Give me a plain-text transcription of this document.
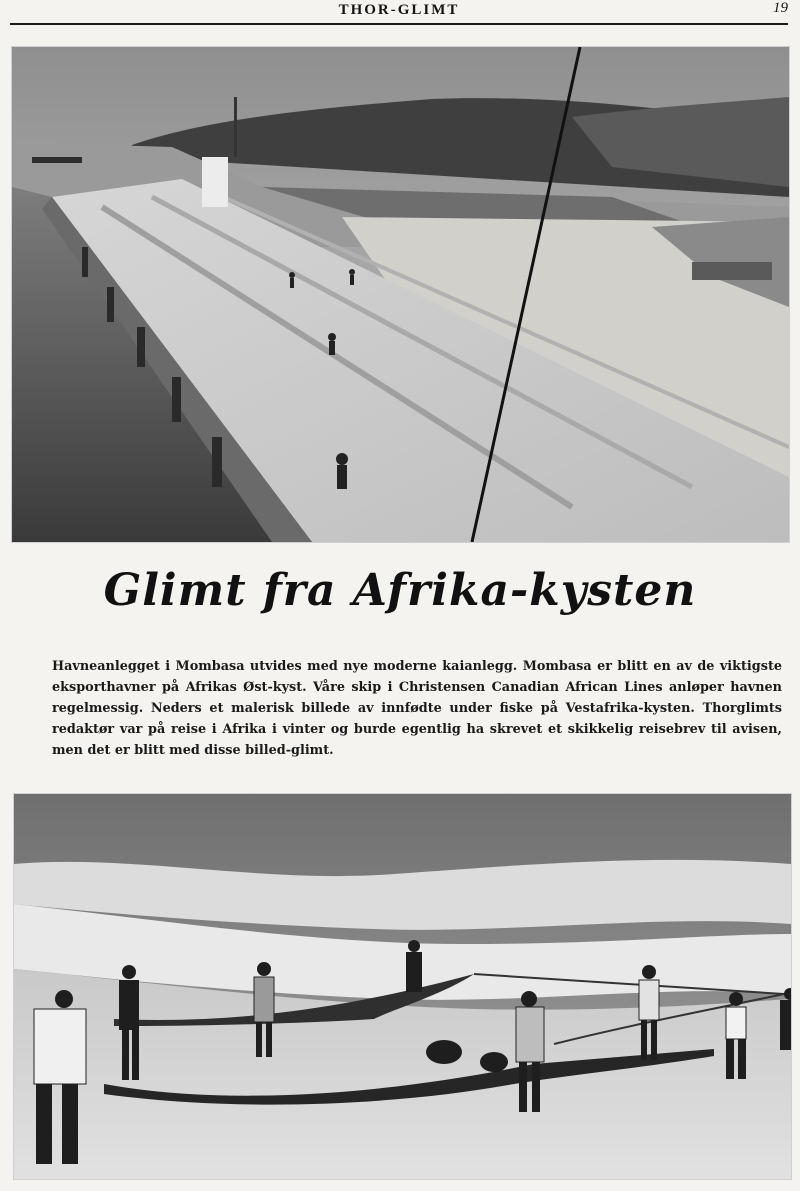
THOR-GLIMT	19
Glimt fra Afrika-kysten
Havneanlegget i Mombasa utvides med nye moderne kaianlegg. Mombasa er blitt en av de viktigste eksporthavner på Afrikas Øst-kyst. Våre skip i Christensen Canadian African Lines anløper havnen regelmessig. Neders et malerisk billede av innfødte under fiske på Vestafrika-kysten. Thorglimts redaktør var på reise i Afrika i vinter og burde egentlig ha skrevet et skikkelig reisebrev til avisen, men det er blitt med disse billed-glimt.
